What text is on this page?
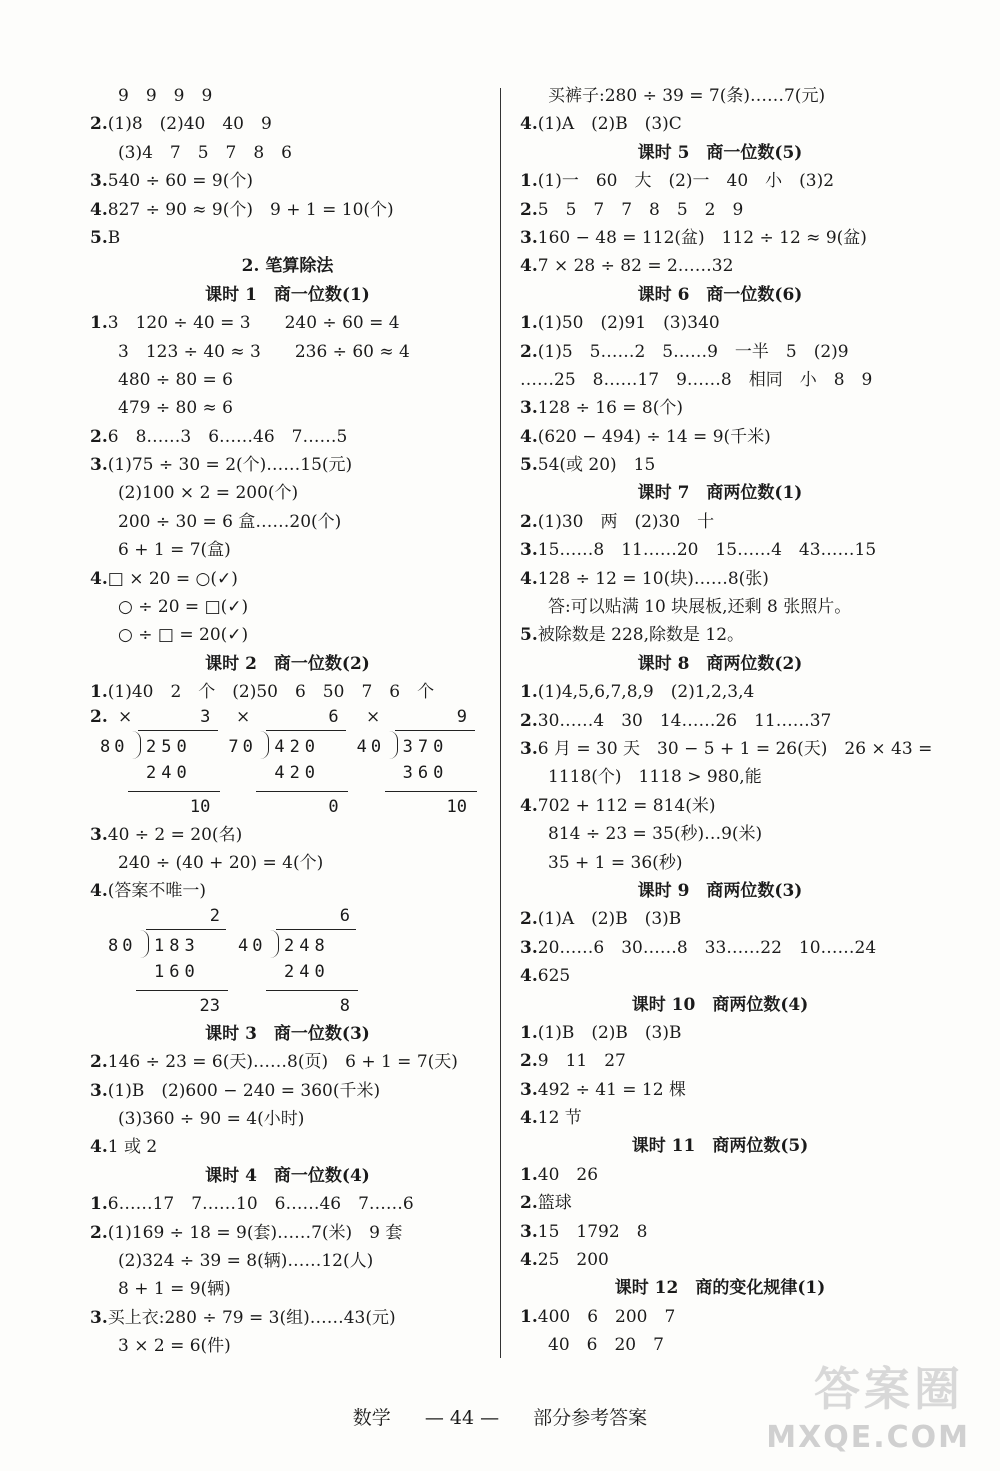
9　9　9　9
2.(1)8　(2)40　40　9
(3)4　7　5　7　8　6
3.540 ÷ 60 = 9(个)
4.827 ÷ 90 ≈ 9(个)　9 + 1 = 10(个)
5.B
2. 笔算除法
课时 1　商一位数(1)
1.3　120 ÷ 40 = 3　　240 ÷ 60 = 4
3　123 ÷ 40 ≈ 3　　236 ÷ 60 ≈ 4
480 ÷ 80 = 6
479 ÷ 80 ≈ 6
2.6　8……3　6……46　7……5
3.(1)75 ÷ 30 = 2(个)……15(元)
(2)100 × 2 = 200(个)
200 ÷ 30 = 6 盒……20(个)
6 + 1 = 7(盒)
4.□ × 20 = ○(✓)
○ ÷ 20 = □(✓)
○ ÷ □ = 20(✓)
课时 2　商一位数(2)
1.(1)40　2　个　(2)50　6　50　7　6　个
2. ×	3
80 250
240
10
×	6
70 420
420
0
×	9
40 370
360
10
3.40 ÷ 2 = 20(名)
240 ÷ (40 + 20) = 4(个)
4.(答案不唯一)
2
80 183
160
23
6
40 248
240
8
课时 3　商一位数(3)
2.146 ÷ 23 = 6(天)……8(页)　6 + 1 = 7(天)
3.(1)B　(2)600 − 240 = 360(千米)
(3)360 ÷ 90 = 4(小时)
4.1 或 2
课时 4　商一位数(4)
1.6……17　7……10　6……46　7……6
2.(1)169 ÷ 18 = 9(套)……7(米)　9 套
(2)324 ÷ 39 = 8(辆)……12(人)
8 + 1 = 9(辆)
3.买上衣:280 ÷ 79 = 3(组)……43(元)
3 × 2 = 6(件)
买裤子:280 ÷ 39 = 7(条)……7(元)
4.(1)A　(2)B　(3)C
课时 5　商一位数(5)
1.(1)一　60　大　(2)一　40　小　(3)2
2.5　5　7　7　8　5　2　9
3.160 − 48 = 112(盆)　112 ÷ 12 ≈ 9(盆)
4.7 × 28 ÷ 82 = 2……32
课时 6　商一位数(6)
1.(1)50　(2)91　(3)340
2.(1)5　5……2　5……9　一半　5　(2)9
……25　8……17　9……8　相同　小　8　9
3.128 ÷ 16 = 8(个)
4.(620 − 494) ÷ 14 = 9(千米)
5.54(或 20)　15
课时 7　商两位数(1)
2.(1)30　两　(2)30　十
3.15……8　11……20　15……4　43……15
4.128 ÷ 12 = 10(块)……8(张)
答:可以贴满 10 块展板,还剩 8 张照片。
5.被除数是 228,除数是 12。
课时 8　商两位数(2)
1.(1)4,5,6,7,8,9　(2)1,2,3,4
2.30……4　30　14……26　11……37
3.6 月 = 30 天　30 − 5 + 1 = 26(天)　26 × 43 =
1118(个)　1118 > 980,能
4.702 + 112 = 814(米)
814 ÷ 23 = 35(秒)…9(米)
35 + 1 = 36(秒)
课时 9　商两位数(3)
2.(1)A　(2)B　(3)B
3.20……6　30……8　33……22　10……24
4.625
课时 10　商两位数(4)
1.(1)B　(2)B　(3)B
2.9　11　27
3.492 ÷ 41 = 12 棵
4.12 节
课时 11　商两位数(5)
1.40　26
2.篮球
3.15　1792　8
4.25　200
课时 12　商的变化规律(1)
1.400　6　200　7
40　6　20　7
数学 — 44 — 部分参考答案
答案圈
MXQE.COM
